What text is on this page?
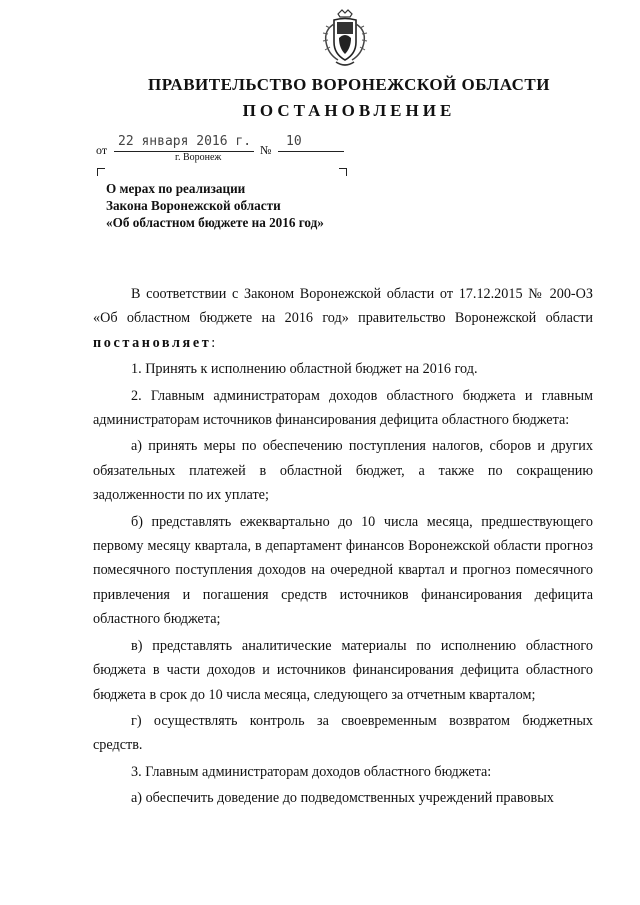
ПРАВИТЕЛЬСТВО ВОРОНЕЖСКОЙ ОБЛАСТИ
ПОСТАНОВЛЕНИЕ
от
22 января 2016 г.
№
10
г. Воронеж
О мерах по реализации
Закона Воронежской области
«Об областном бюджете на 2016 год»

В соответствии с Законом Воронежской области от 17.12.2015 № 200-ОЗ «Об областном бюджете на 2016 год» правительство Воронежской области постановляет:

1. Принять к исполнению областной бюджет на 2016 год.

2. Главным администраторам доходов областного бюджета и главным администраторам источников финансирования дефицита областного бюджета:

а) принять меры по обеспечению поступления налогов, сборов и других обязательных платежей в областной бюджет, а также по сокращению задолженности по их уплате;

б) представлять ежеквартально до 10 числа месяца, предшествующего первому месяцу квартала, в департамент финансов Воронежской области прогноз помесячного поступления доходов на очередной квартал и прогноз помесячного привлечения и погашения средств источников финансирования дефицита областного бюджета;

в) представлять аналитические материалы по исполнению областного бюджета в части доходов и источников финансирования дефицита областного бюджета в срок до 10 числа месяца, следующего за отчетным кварталом;

г) осуществлять контроль за своевременным возвратом бюджетных средств.

3. Главным администраторам доходов областного бюджета:

а) обеспечить доведение до подведомственных учреждений правовых
